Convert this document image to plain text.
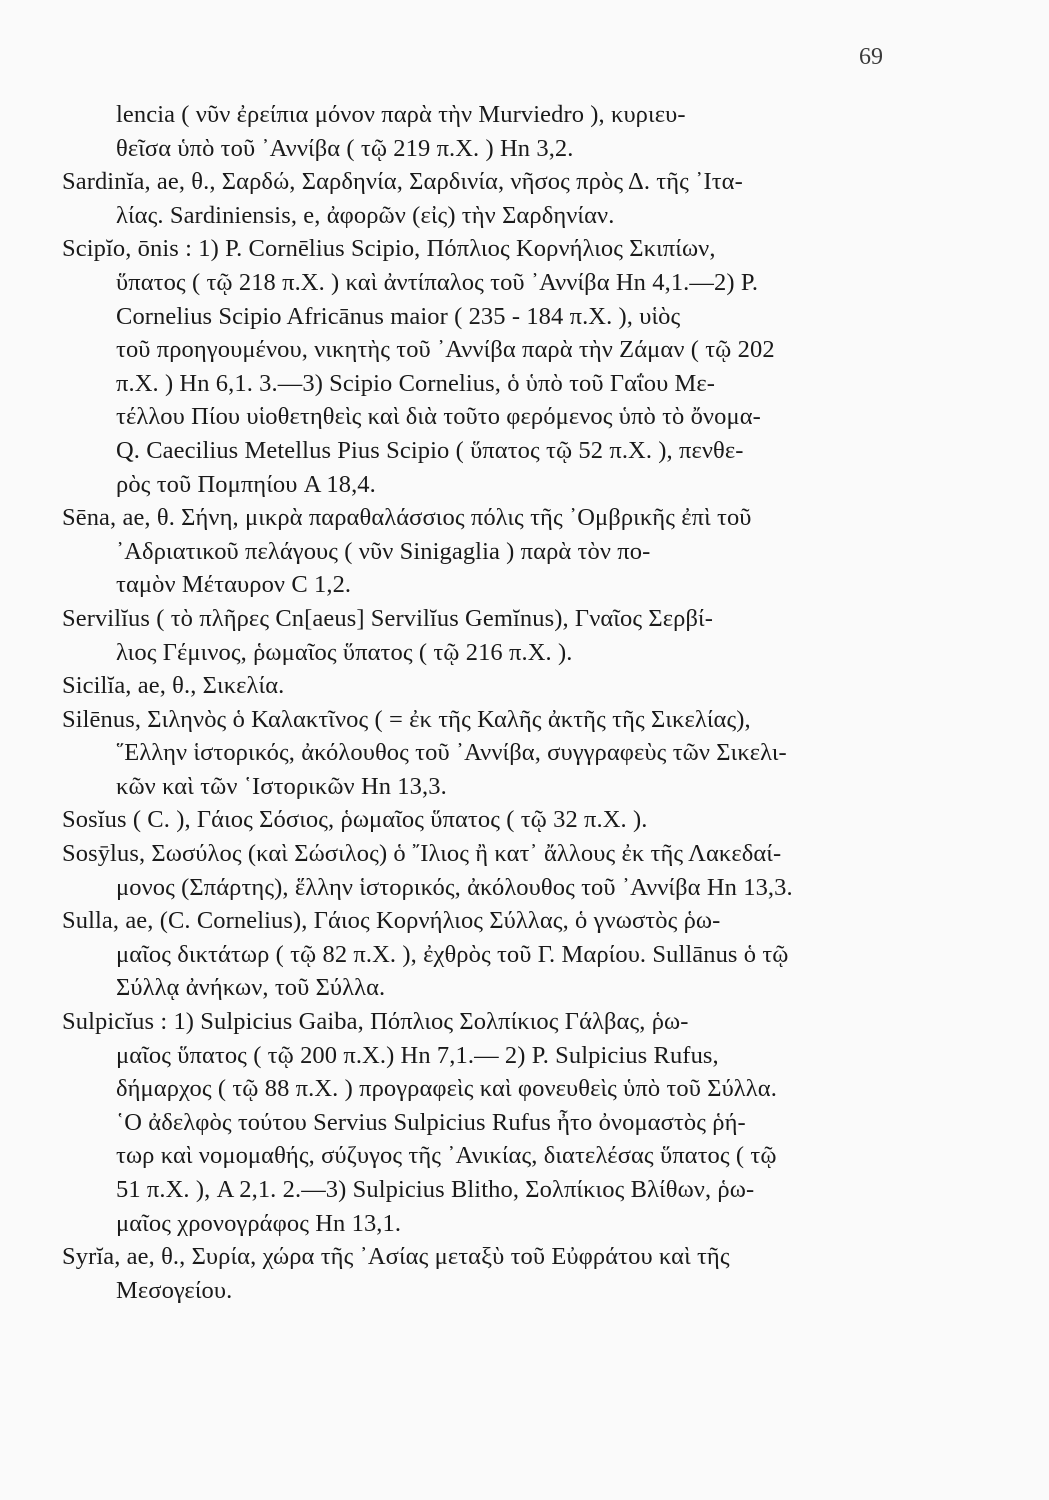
69
lencia ( νῦν ἐρείπια μόνον παρὰ τὴν Murviedro ), κυριευ-
θεῖσα ὑπὸ τοῦ ᾿Αννίβα ( τῷ 219 π.Χ. ) Hn 3,2.
Sardinĭa, ae, θ., Σαρδώ, Σαρδηνία, Σαρδινία, νῆσος πρὸς Δ. τῆς ᾿Ιτα-
λίας. Sardiniensis, e, ἀφορῶν (εἰς) τὴν Σαρδηνίαν.
Scipĭo, ōnis : 1) P. Cornēlius Scipio, Πόπλιος Κορνήλιος Σκιπίων,
ὕπατος ( τῷ 218 π.Χ. ) καὶ ἀντίπαλος τοῦ ᾿Αννίβα Hn 4,1.—2) P.
Cornelius Scipio Africānus maior ( 235 - 184 π.Χ. ), υἱὸς
τοῦ προηγουμένου, νικητὴς τοῦ ᾿Αννίβα παρὰ τὴν Ζάμαν ( τῷ 202
π.Χ. ) Hn 6,1. 3.—3) Scipio Cornelius, ὁ ὑπὸ τοῦ Γαΐου Με-
τέλλου Πίου υἱοθετηθεὶς καὶ διὰ τοῦτο φερόμενος ὑπὸ τὸ ὄνομα-
Q. Caecilius Metellus Pius Scipio ( ὕπατος τῷ 52 π.Χ. ), πενθε-
ρὸς τοῦ Πομπηίου A 18,4.
Sēna, ae, θ. Σήνη, μικρὰ παραθαλάσσιος πόλις τῆς ᾿Ομβρικῆς ἐπὶ τοῦ
᾿Αδριατικοῦ πελάγους ( νῦν Sinigaglia ) παρὰ τὸν πο-
ταμὸν Μέταυρον C 1,2.
Servilĭus ( τὸ πλῆρες Cn[aeus] Servilĭus Gemĭnus), Γναῖος Σερβί-
λιος Γέμινος, ῥωμαῖος ὕπατος ( τῷ 216 π.Χ. ).
Sicilĭa, ae, θ., Σικελία.
Silēnus, Σιληνὸς ὁ Καλακτῖνος ( = ἐκ τῆς Καλῆς ἀκτῆς τῆς Σικελίας),
῞Ελλην ἱστορικός, ἀκόλουθος τοῦ ᾿Αννίβα, συγγραφεὺς τῶν Σικελι-
κῶν καὶ τῶν ῾Ιστορικῶν Hn 13,3.
Sosĭus ( C. ), Γάιος Σόσιος, ῥωμαῖος ὕπατος ( τῷ 32 π.Χ. ).
Sosȳlus, Σωσύλος (καὶ Σώσιλος) ὁ ῎Ιλιος ἢ κατ᾿ ἄλλους ἐκ τῆς Λακεδαί-
μονος (Σπάρτης), ἕλλην ἱστορικός, ἀκόλουθος τοῦ ᾿Αννίβα Hn 13,3.
Sulla, ae, (C. Cornelius), Γάιος Κορνήλιος Σύλλας, ὁ γνωστὸς ῥω-
μαῖος δικτάτωρ ( τῷ 82 π.Χ. ), ἐχθρὸς τοῦ Γ. Μαρίου. Sullānus ὁ τῷ
Σύλλᾳ ἀνήκων, τοῦ Σύλλα.
Sulpicĭus : 1) Sulpicius Gaiba, Πόπλιος Σολπίκιος Γάλβας, ῥω-
μαῖος ὕπατος ( τῷ 200 π.Χ.) Hn 7,1.— 2) P. Sulpicius Rufus,
δήμαρχος ( τῷ 88 π.Χ. ) προγραφεὶς καὶ φονευθεὶς ὑπὸ τοῦ Σύλλα.
῾Ο ἀδελφὸς τούτου Servius Sulpicius Rufus ἦτο ὀνομαστὸς ῥή-
τωρ καὶ νομομαθής, σύζυγος τῆς ᾿Ανικίας, διατελέσας ὕπατος ( τῷ
51 π.Χ. ), A 2,1. 2.—3) Sulpicius Blitho, Σολπίκιος Βλίθων, ῥω-
μαῖος χρονογράφος Hn 13,1.
Syrĭa, ae, θ., Συρία, χώρα τῆς ᾿Ασίας μεταξὺ τοῦ Εὐφράτου καὶ τῆς
Μεσογείου.
